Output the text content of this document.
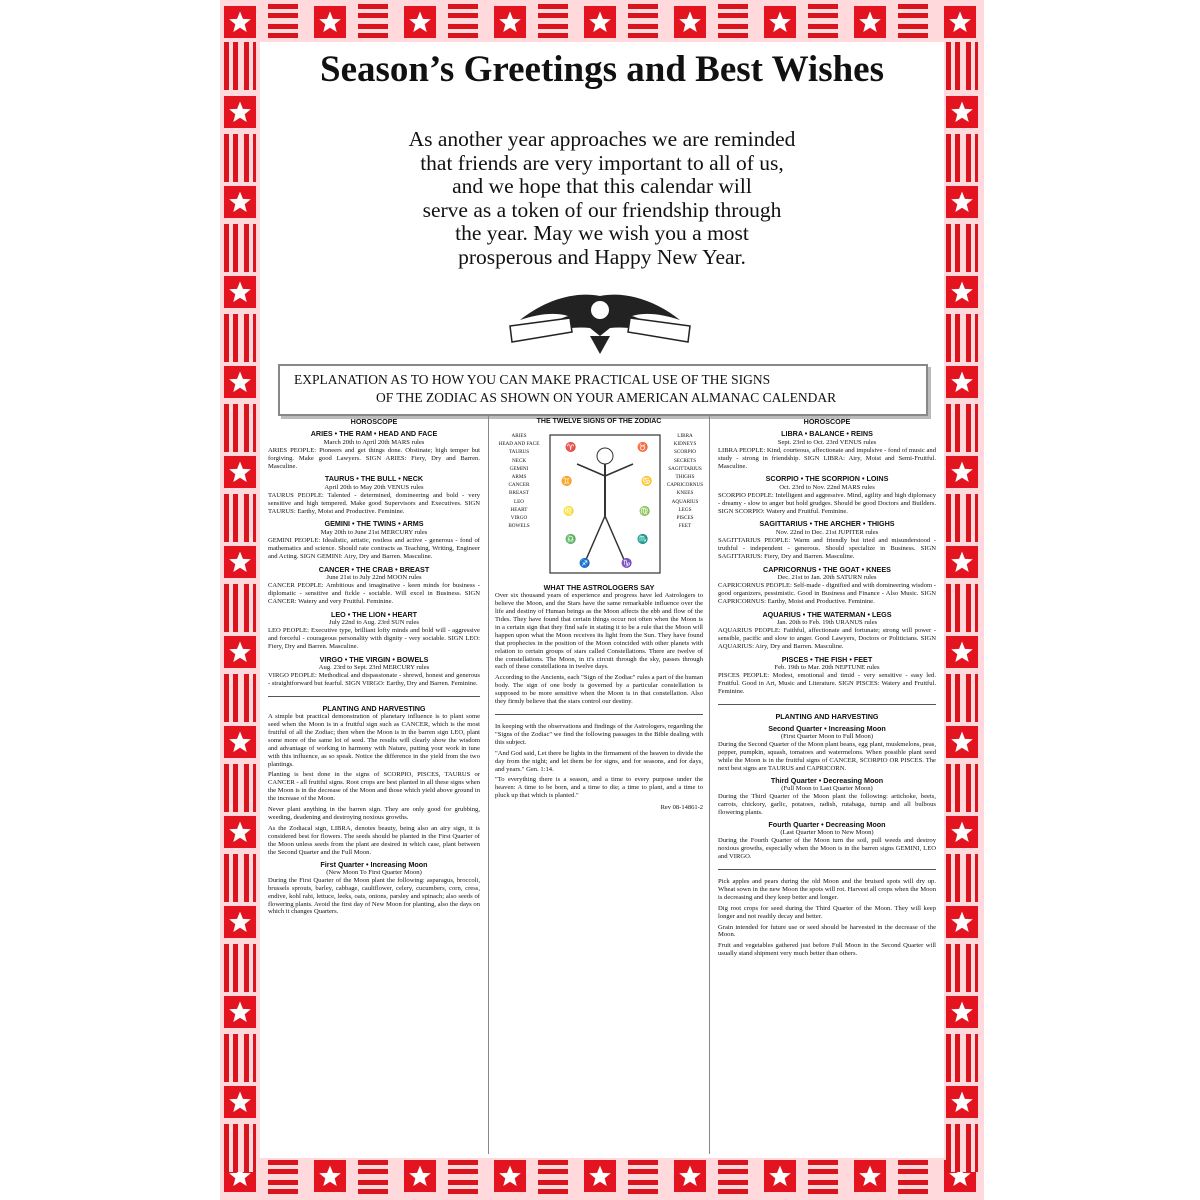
Season’s Greetings and Best Wishes
As another year approaches we are reminded
that friends are very important to all of us,
and we hope that this calendar will
serve as a token of our friendship through
the year. May we wish you a most
prosperous and Happy New Year.
EXPLANATION AS TO HOW YOU CAN MAKE PRACTICAL USE OF THE SIGNS
OF THE ZODIAC AS SHOWN ON YOUR AMERICAN ALMANAC CALENDAR
HOROSCOPE
ARIES • THE RAM • HEAD AND FACE
March 20th to April 20th MARS rules

ARIES PEOPLE: Pioneers and get things done. Obstinate; high temper but forgiving. Make good Lawyers. SIGN ARIES: Fiery, Dry and Barren. Masculine.

TAURUS • THE BULL • NECK
April 20th to May 20th VENUS rules

TAURUS PEOPLE: Talented - determined, domineering and bold - very sensitive and high tempered. Make good Supervisors and Executives. SIGN TAURUS: Earthy, Moist and Productive. Feminine.

GEMINI • THE TWINS • ARMS
May 20th to June 21st MERCURY rules

GEMINI PEOPLE: Idealistic, artistic, restless and active - generous - fond of mathematics and science. Should rate contracts as Teaching, Writing, Engineer and Acting. SIGN GEMINI: Airy, Dry and Barren. Masculine.

CANCER • THE CRAB • BREAST
June 21st to July 22nd MOON rules

CANCER PEOPLE: Ambitious and imaginative - keen minds for business - diplomatic - sensitive and fickle - sociable. Will excel in Business. SIGN CANCER: Watery and very Fruitful. Feminine.

LEO • THE LION • HEART
July 22nd to Aug. 23rd SUN rules

LEO PEOPLE: Executive type, brilliant lofty minds and bold will - aggressive and forceful - courageous personality with dignity - very sociable. SIGN LEO: Fiery, Dry and Barren. Masculine.

VIRGO • THE VIRGIN • BOWELS
Aug. 23rd to Sept. 23rd MERCURY rules

VIRGO PEOPLE: Methodical and dispassionate - shrewd, honest and generous - straightforward but fearful. SIGN VIRGO: Earthy, Dry and Barren. Feminine.

PLANTING AND HARVESTING

A simple but practical demonstration of planetary influence is to plant some seed when the Moon is in a fruitful sign such as CANCER, which is the most fruitful of all the Zodiac; then when the Moon is in the barren sign LEO, plant some more of the same lot of seed. The results will clearly show the wisdom and advantage of working in harmony with Nature, putting your work in tune with this influence, as so speak. Notice the difference in the yield from the two plantings.

Planting is best done in the signs of SCORPIO, PISCES, TAURUS or CANCER - all fruitful signs. Root crops are best planted in all these signs when the Moon is in the decrease of the Moon and those which yield above ground in the increase of the Moon.

Never plant anything in the barren sign. They are only good for grubbing, weeding, deadening and destroying noxious growths.

As the Zodiacal sign, LIBRA, denotes beauty, being also an airy sign, it is considered best for flowers. The seeds should be planted in the First Quarter of the Moon unless seeds from the plant are desired in which case, plant between the Second Quarter and the Full Moon.

First Quarter • Increasing Moon
(New Moon To First Quarter Moon)

During the First Quarter of the Moon plant the following: asparagus, broccoli, brussels sprouts, barley, cabbage, cauliflower, celery, cucumbers, corn, cress, endive, kohl rabi, lettuce, leeks, oats, onions, parsley and spinach; also seeds of flowering plants. Avoid the first day of New Moon for planting, also the days on which it changes Quarters.

THE TWELVE SIGNS OF THE ZODIAC
ARIES
HEAD AND FACE
TAURUS
NECK
GEMINI
ARMS
CANCER
BREAST
LEO
HEART
VIRGO
BOWELS
♈	♉
♊	♋
♌	♍
♎	♏
♐	♑
LIBRA
KIDNEYS
SCORPIO
SECRETS
SAGITTARIUS
THIGHS
CAPRICORNUS
KNEES
AQUARIUS
LEGS
PISCES
FEET
WHAT THE ASTROLOGERS SAY

Over six thousand years of experience and progress have led Astrologers to believe the Moon, and the Stars have the same remarkable influence over the life and destiny of Human beings as the Moon affects the ebb and flow of the Tides. They have found that certain things occur not often when the Moon is in a certain sign that they find safe in stating it to be a rule that the Moon will happen upon what the Moon receives its light from the Sun. They have found that prophecies in the position of the Moon coincided with other planets with relation to certain groups of stars called Constellations. There are twelve of the constellations. The Moon, in it's circuit through the sky, passes through each of these constellations in twelve days.

According to the Ancients, each "Sign of the Zodiac" rules a part of the human body. The sign of one body is governed by a particular constellation is supposed to be more sensitive when the Moon is in that constellation. Also they firmly believe that the stars control our destiny.

In keeping with the observations and findings of the Astrologers, regarding the "Signs of the Zodiac" we find the following passages in the Bible dealing with this subject.

"And God said, Let there be lights in the firmament of the heaven to divide the day from the night; and let them be for signs, and for seasons, and for days, and years." Gen. 1:14.

"To everything there is a season, and a time to every purpose under the heaven: A time to be born, and a time to die; a time to plant, and a time to pluck up that which is planted."

Rev 08-14861-2
HOROSCOPE
LIBRA • BALANCE • REINS
Sept. 23rd to Oct. 23rd VENUS rules

LIBRA PEOPLE: Kind, courteous, affectionate and impulsive - fond of music and study - strong in friendship. SIGN LIBRA: Airy, Moist and Semi-Fruitful. Masculine.

SCORPIO • THE SCORPION • LOINS
Oct. 23rd to Nov. 22nd MARS rules

SCORPIO PEOPLE: Intelligent and aggressive. Mind, agility and high diplomacy - dreamy - slow to anger but hold grudges. Should be good Doctors and Builders. SIGN SCORPIO: Watery and Fruitful. Feminine.

SAGITTARIUS • THE ARCHER • THIGHS
Nov. 22nd to Dec. 21st JUPITER rules

SAGITTARIUS PEOPLE: Warm and friendly but tried and misunderstood - truthful - independent - generous. Should specialize in Business. SIGN SAGITTARIUS: Fiery, Dry and Barren. Masculine.

CAPRICORNUS • THE GOAT • KNEES
Dec. 21st to Jan. 20th SATURN rules

CAPRICORNUS PEOPLE: Self-made - dignified and with domineering wisdom - good organizers, pessimistic. Good in Business and Finance - Also Music. SIGN CAPRICORNUS: Earthy, Moist and Productive. Feminine.

AQUARIUS • THE WATERMAN • LEGS
Jan. 20th to Feb. 19th URANUS rules

AQUARIUS PEOPLE: Faithful, affectionate and fortunate; strong will power - sensible, pacific and slow to anger. Good Lawyers, Doctors or Politicians. SIGN AQUARIUS: Airy, Dry and Barren. Masculine.

PISCES • THE FISH • FEET
Feb. 19th to Mar. 20th NEPTUNE rules

PISCES PEOPLE: Modest, emotional and timid - very sensitive - easy led. Fruitful. Good in Art, Music and Literature. SIGN PISCES: Watery and Fruitful. Feminine.

PLANTING AND HARVESTING
Second Quarter • Increasing Moon
(First Quarter Moon to Full Moon)

During the Second Quarter of the Moon plant beans, egg plant, muskmelons, peas, pepper, pumpkin, squash, tomatoes and watermelons. When possible plant seed while the Moon is in the fruitful signs of CANCER, SCORPIO OR PISCES. The next best signs are TAURUS and CAPRICORN.

Third Quarter • Decreasing Moon
(Full Moon to Last Quarter Moon)

During the Third Quarter of the Moon plant the following: artichoke, beets, carrots, chickory, garlic, potatoes, radish, rutabaga, turnip and all bulbous flowering plants.

Fourth Quarter • Decreasing Moon
(Last Quarter Moon to New Moon)

During the Fourth Quarter of the Moon turn the soil, pull weeds and destroy noxious growths, especially when the Moon is in the barren signs GEMINI, LEO and VIRGO.

Pick apples and pears during the old Moon and the bruised spots will dry up. Wheat sown in the new Moon the spots will rot. Harvest all crops when the Moon is decreasing and they keep better and longer.

Dig root crops for seed during the Third Quarter of the Moon. They will keep longer and not readily decay and better.

Grain intended for future use or seed should be harvested in the decrease of the Moon.

Fruit and vegetables gathered just before Full Moon in the Second Quarter will usually stand shipment very much better than others.
